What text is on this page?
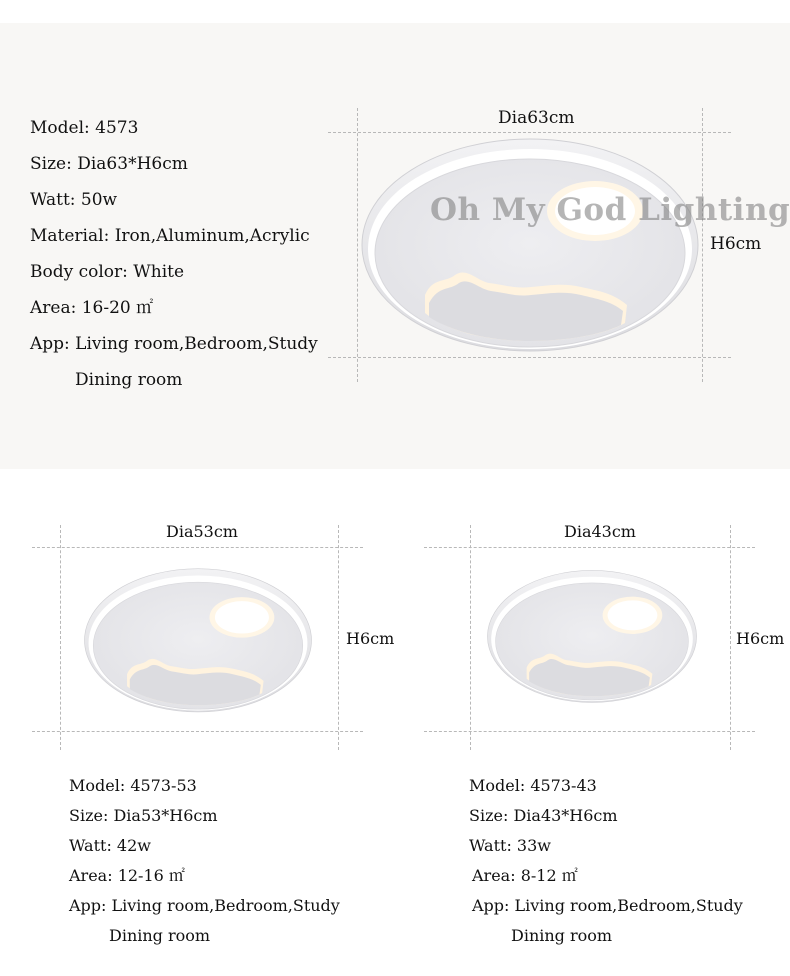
Model: 4573
Size: Dia63*H6cm
Watt: 50w
Material: Iron,Aluminum,Acrylic
Body color: White
Area: 16-20 ㎡
App: Living room,Bedroom,Study
Dining room
Dia63cm
H6cm
Oh My God Lighting
Dia53cm
H6cm
Model: 4573-53
Size: Dia53*H6cm
Watt: 42w
Area: 12-16 ㎡
App: Living room,Bedroom,Study
Dining room
Dia43cm
H6cm
Model: 4573-43
Size: Dia43*H6cm
Watt: 33w
Area: 8-12 ㎡
App: Living room,Bedroom,Study
Dining room
